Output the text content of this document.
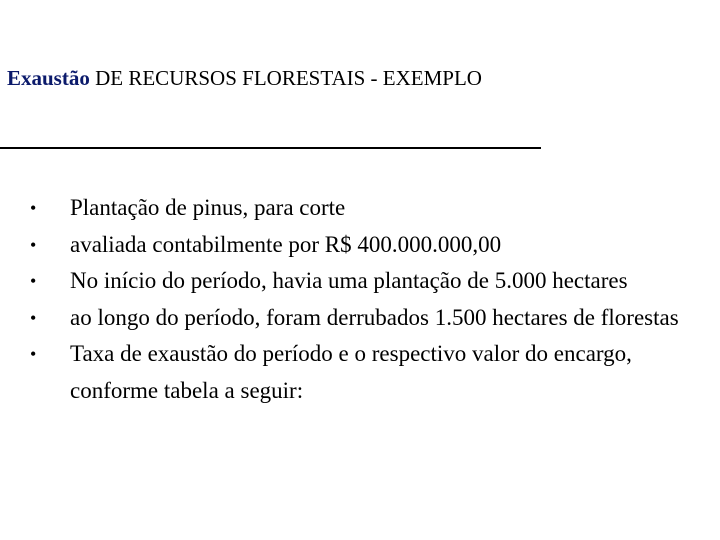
Exaustão DE RECURSOS FLORESTAIS - EXEMPLO
• Plantação de pinus, para corte
• avaliada contabilmente por R$ 400.000.000,00
• No início do período, havia uma plantação de 5.000 hectares
• ao longo do período, foram derrubados 1.500 hectares de florestas
• Taxa de exaustão do período e o respectivo valor do encargo, conforme tabela a seguir:
